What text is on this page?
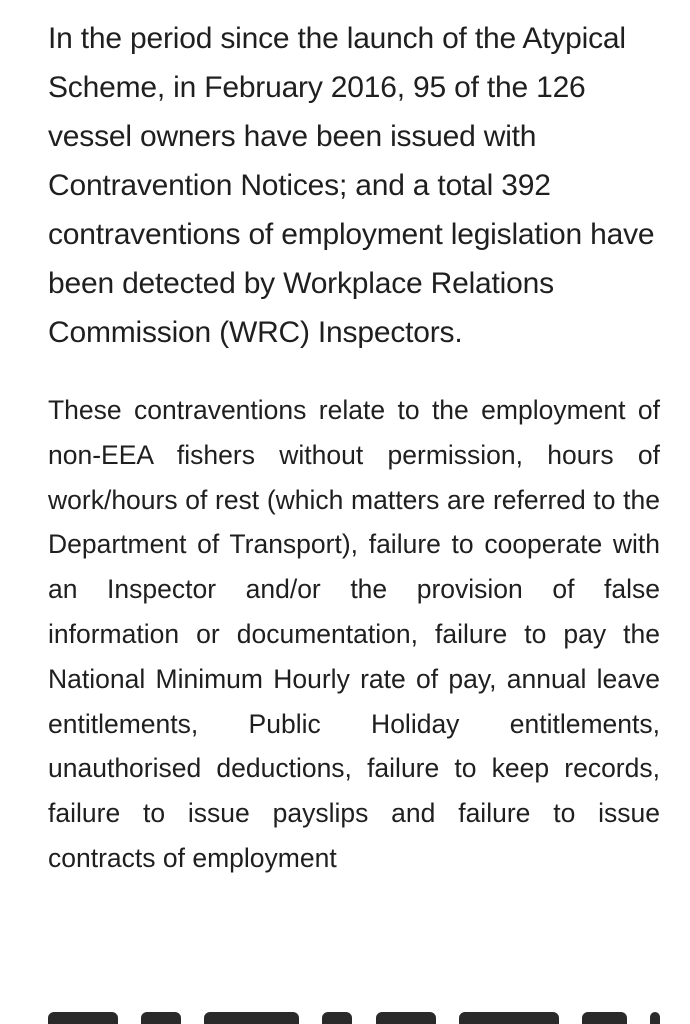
In the period since the launch of the Atypical Scheme, in February 2016, 95 of the 126 vessel owners have been issued with Contravention Notices; and a total 392 contraventions of employment legislation have been detected by Workplace Relations Commission (WRC) Inspectors.

These contraventions relate to the employment of non-EEA fishers without permission, hours of work/hours of rest (which matters are referred to the Department of Transport), failure to cooperate with an Inspector and/or the provision of false information or documentation, failure to pay the National Minimum Hourly rate of pay, annual leave entitlements, Public Holiday entitlements, unauthorised deductions, failure to keep records, failure to issue payslips and failure to issue contracts of employment
